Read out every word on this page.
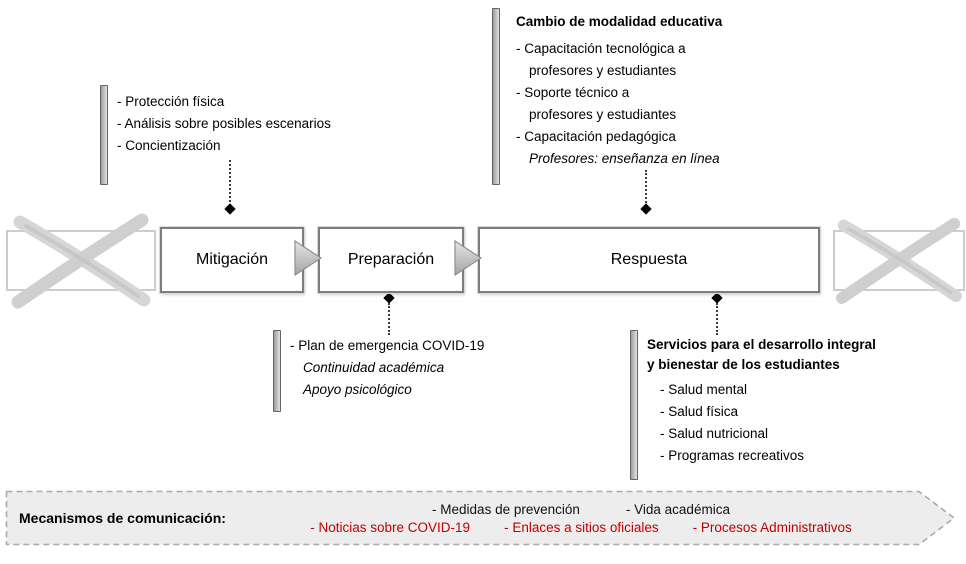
- Protección física
- Análisis sobre posibles escenarios
- Concientización
Cambio de modalidad educativa
- Capacitación tecnológica a
profesores y estudiantes
- Soporte técnico a
profesores y estudiantes
- Capacitación pedagógica
Profesores: enseñanza en línea
Mitigación	Preparación	Respuesta
- Plan de emergencia COVID-19
Continuidad académica
Apoyo psicológico
Servicios para el desarrollo integral
y bienestar de los estudiantes
- Salud mental
- Salud física
- Salud nutricional
- Programas recreativos
Mecanismos de comunicación:
- Medidas de prevención	- Vida académica
- Noticias sobre COVID-19	- Enlaces a sitios oficiales	- Procesos Administrativos
